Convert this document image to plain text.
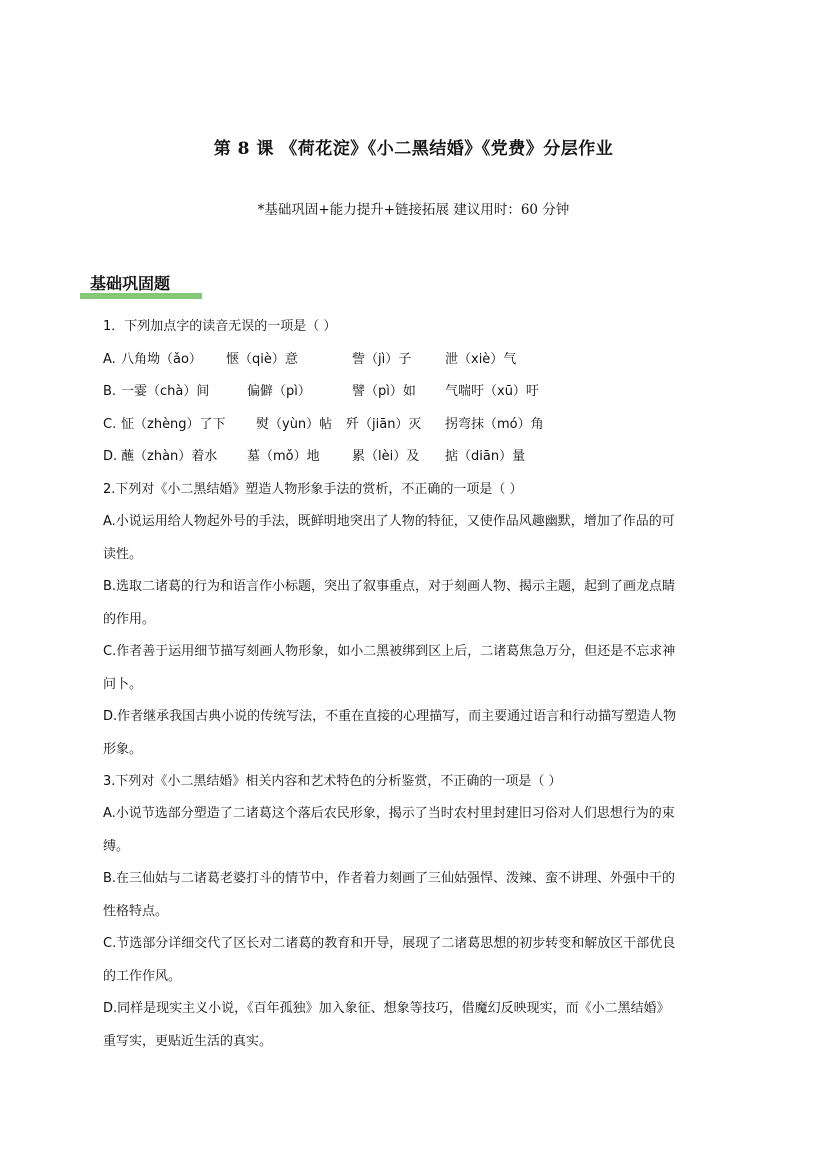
第 8 课 《荷花淀》《小二黑结婚》《党费》分层作业
*基础巩固+能力提升+链接拓展 建议用时：60 分钟
基础巩固题
1．下列加点字的读音无误的一项是（ ）
A. 八角坳（ǎo） 惬（qiè）意	訾（jì）子	泄（xiè）气
B. 一霎（chà）间	偏僻（pì）	譬（pì）如 气喘吁（xū）吁
C. 怔（zhèng）了下 熨（yùn）帖 歼（jiān）灭 拐弯抹（mó）角
D. 蘸（zhàn）着水 墓（mǒ）地 累（lèi）及 掂（diān）量
2.下列对《小二黑结婚》塑造人物形象手法的赏析，不正确的一项是（ ）
A.小说运用给人物起外号的手法，既鲜明地突出了人物的特征，又使作品风趣幽默，增加了作品的可
读性。
B.选取二诸葛的行为和语言作小标题，突出了叙事重点，对于刻画人物、揭示主题，起到了画龙点睛
的作用。
C.作者善于运用细节描写刻画人物形象，如小二黑被绑到区上后，二诸葛焦急万分，但还是不忘求神
问卜。
D.作者继承我国古典小说的传统写法，不重在直接的心理描写，而主要通过语言和行动描写塑造人物
形象。
3.下列对《小二黑结婚》相关内容和艺术特色的分析鉴赏，不正确的一项是（ ）
A.小说节选部分塑造了二诸葛这个落后农民形象，揭示了当时农村里封建旧习俗对人们思想行为的束
缚。
B.在三仙姑与二诸葛老婆打斗的情节中，作者着力刻画了三仙姑强悍、泼辣、蛮不讲理、外强中干的
性格特点。
C.节选部分详细交代了区长对二诸葛的教育和开导，展现了二诸葛思想的初步转变和解放区干部优良
的工作作风。
D.同样是现实主义小说，《百年孤独》加入象征、想象等技巧，借魔幻反映现实，而《小二黑结婚》
重写实，更贴近生活的真实。
